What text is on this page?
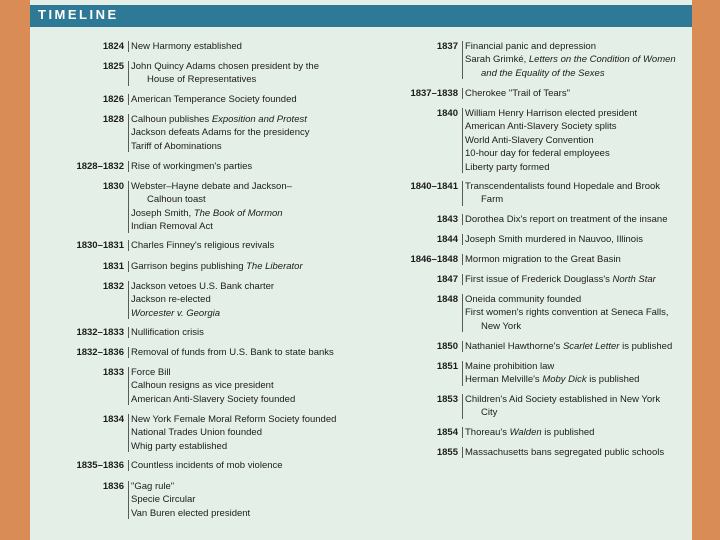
TIMELINE
1824 New Harmony established
1825 John Quincy Adams chosen president by the
House of Representatives
1826 American Temperance Society founded
1828 Calhoun publishes Exposition and Protest
Jackson defeats Adams for the presidency
Tariff of Abominations
1828–1832 Rise of workingmen's parties
1830 Webster–Hayne debate and Jackson–
Calhoun toast
Joseph Smith, The Book of Mormon
Indian Removal Act
1830–1831 Charles Finney's religious revivals
1831 Garrison begins publishing The Liberator
1832 Jackson vetoes U.S. Bank charter
Jackson re-elected
Worcester v. Georgia
1832–1833 Nullification crisis
1832–1836 Removal of funds from U.S. Bank to state banks
1833 Force Bill
Calhoun resigns as vice president
American Anti-Slavery Society founded
1834 New York Female Moral Reform Society founded
National Trades Union founded
Whig party established
1835–1836 Countless incidents of mob violence
1836 "Gag rule"
Specie Circular
Van Buren elected president
1837 Financial panic and depression
Sarah Grimké, Letters on the Condition of Women
and the Equality of the Sexes
1837–1838 Cherokee "Trail of Tears"
1840 William Henry Harrison elected president
American Anti-Slavery Society splits
World Anti-Slavery Convention
10-hour day for federal employees
Liberty party formed
1840–1841 Transcendentalists found Hopedale and Brook
Farm
1843 Dorothea Dix's report on treatment of the insane
1844 Joseph Smith murdered in Nauvoo, Illinois
1846–1848 Mormon migration to the Great Basin
1847 First issue of Frederick Douglass's North Star
1848 Oneida community founded
First women's rights convention at Seneca Falls,
New York
1850 Nathaniel Hawthorne's Scarlet Letter is published
1851 Maine prohibition law
Herman Melville's Moby Dick is published
1853 Children's Aid Society established in New York
City
1854 Thoreau's Walden is published
1855 Massachusetts bans segregated public schools
